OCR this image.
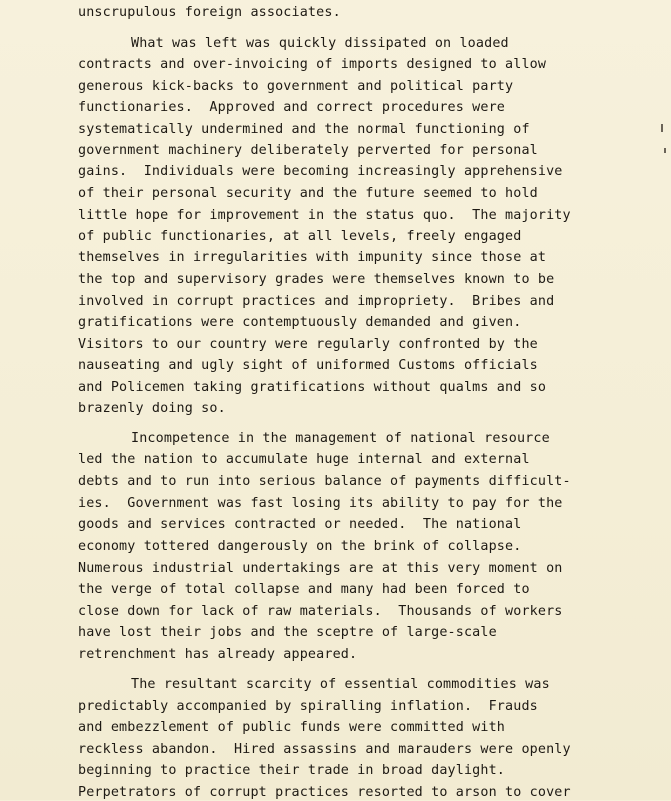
unscrupulous foreign associates.
What was left was quickly dissipated on loaded
contracts and over-invoicing of imports designed to allow
generous kick-backs to government and political party
functionaries.  Approved and correct procedures were
systematically undermined and the normal functioning of
government machinery deliberately perverted for personal
gains.  Individuals were becoming increasingly apprehensive
of their personal security and the future seemed to hold
little hope for improvement in the status quo.  The majority
of public functionaries, at all levels, freely engaged
themselves in irregularities with impunity since those at
the top and supervisory grades were themselves known to be
involved in corrupt practices and impropriety.  Bribes and
gratifications were contemptuously demanded and given.
Visitors to our country were regularly confronted by the
nauseating and ugly sight of uniformed Customs officials
and Policemen taking gratifications without qualms and so
brazenly doing so.
Incompetence in the management of national resource
led the nation to accumulate huge internal and external
debts and to run into serious balance of payments difficult-
ies.  Government was fast losing its ability to pay for the
goods and services contracted or needed.  The national
economy tottered dangerously on the brink of collapse.
Numerous industrial undertakings are at this very moment on
the verge of total collapse and many had been forced to
close down for lack of raw materials.  Thousands of workers
have lost their jobs and the sceptre of large-scale
retrenchment has already appeared.
The resultant scarcity of essential commodities was
predictably accompanied by spiralling inflation.  Frauds
and embezzlement of public funds were committed with
reckless abandon.  Hired assassins and marauders were openly
beginning to practice their trade in broad daylight.
Perpetrators of corrupt practices resorted to arson to cover
